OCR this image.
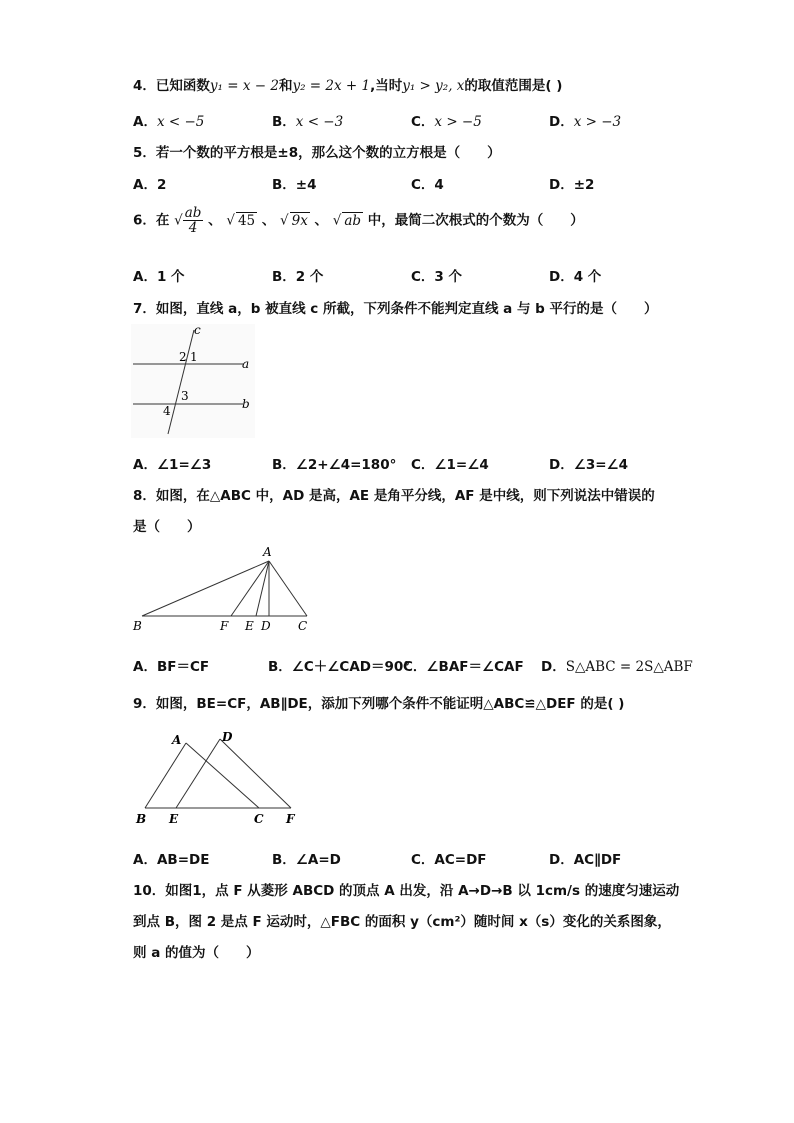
4．已知函数y₁ = x − 2和y₂ = 2x + 1,当时y₁ > y₂, x的取值范围是( )
A．x < −5	B．x < −3	C．x > −5	D．x > −3
5．若一个数的平方根是±8，那么这个数的立方根是（　　）
A．2	B．±4	C．4	D．±2
6．在 √ $\frac{ab}{4}$ 、 √ 45 、 √ 9x 、 √ ab 中，最简二次根式的个数为（　　）
A．1 个	B．2 个	C．3 个	D．4 个
7．如图，直线 a，b 被直线 c 所截，下列条件不能判定直线 a 与 b 平行的是（　　）
c
a
b
2 1
3
4
A．∠1=∠3	B．∠2+∠4=180° C．∠1=∠4	D．∠3=∠4
8．如图，在△ABC 中，AD 是高，AE 是角平分线，AF 是中线，则下列说法中错误的
是（　　）
A
B	F E D C
A．BF＝CF	B．∠C＋∠CAD＝90°
C．∠BAF＝∠CAF D．S△ABC = 2S△ABF
9．如图，BE=CF，AB∥DE，添加下列哪个条件不能证明△ABC≌△DEF 的是( )
A	D
B E	C F
A．AB=DE	B．∠A=D	C．AC=DF	D．AC∥DF
10．如图1，点 F 从菱形 ABCD 的顶点 A 出发，沿 A→D→B 以 1cm/s 的速度匀速运动
到点 B，图 2 是点 F 运动时，△FBC 的面积 y（cm²）随时间 x（s）变化的关系图象，
则 a 的值为（　　）
